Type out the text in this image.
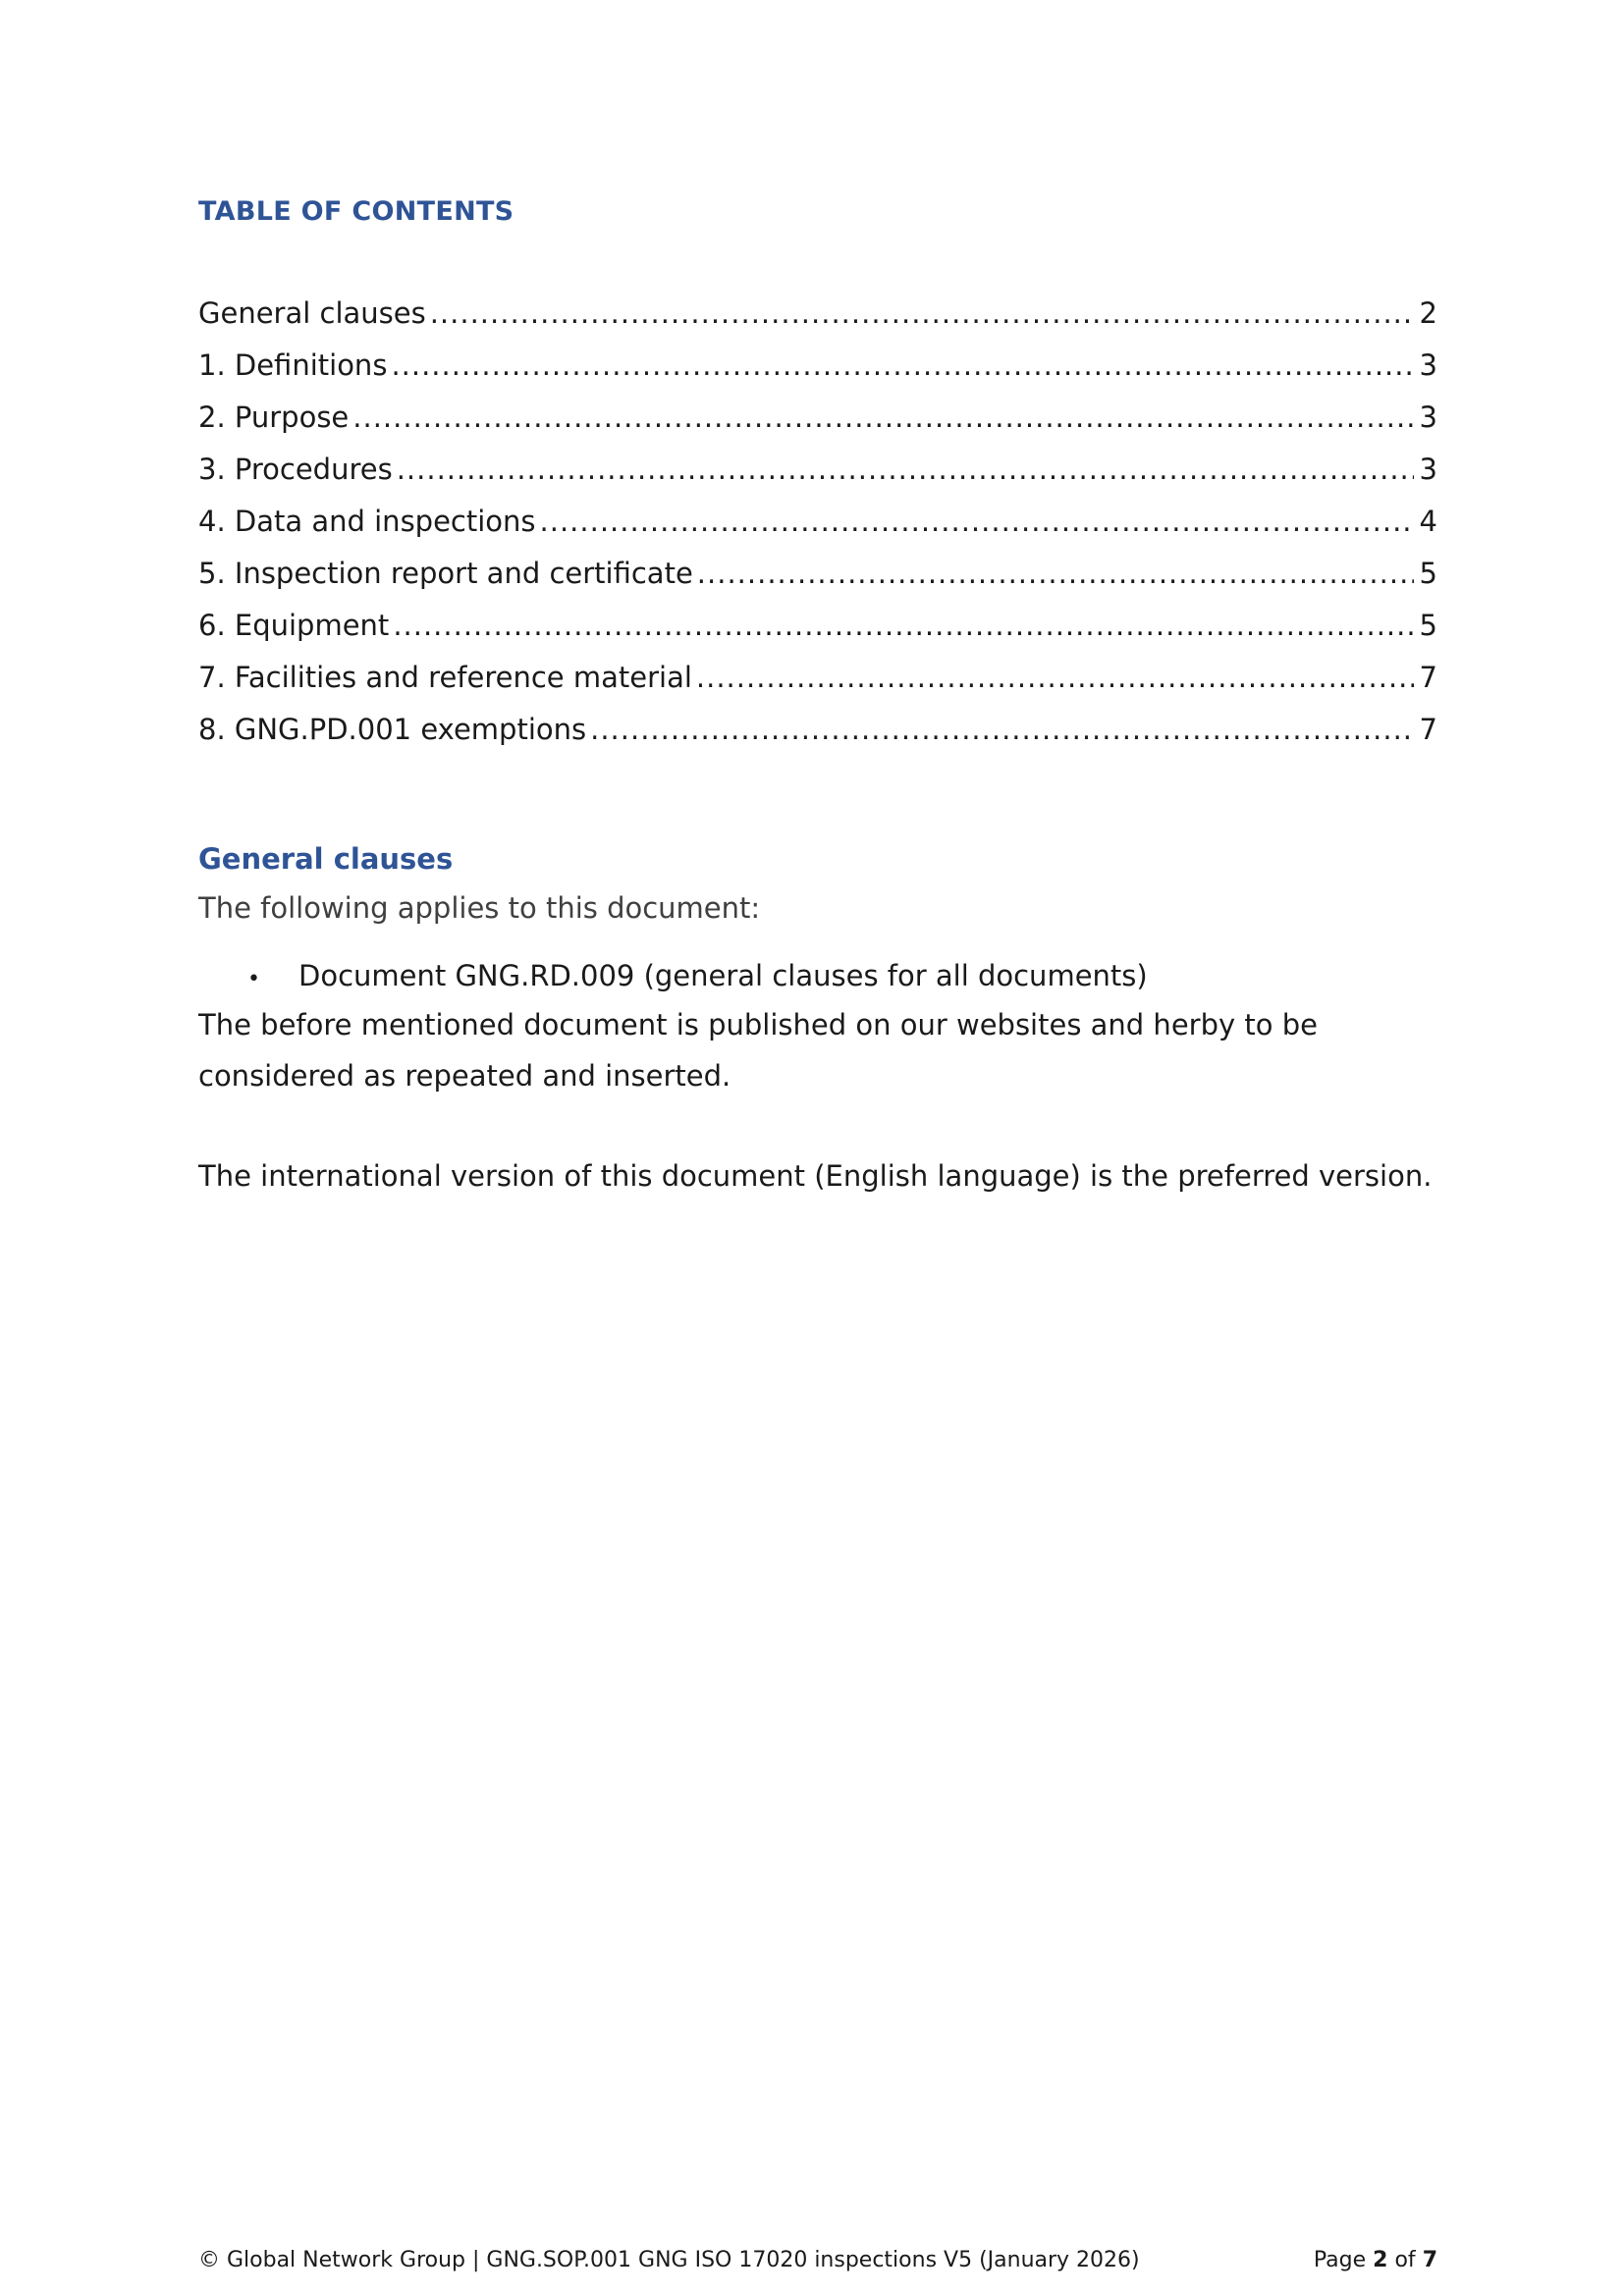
TABLE OF CONTENTS
General clauses .....	2
1. Definitions .....	3
2. Purpose .....	3
3. Procedures .....	3
4. Data and inspections .....	4
5. Inspection report and certificate .....	5
6. Equipment .....	5
7. Facilities and reference material .....	7
8. GNG.PD.001 exemptions .....	7
General clauses
The following applies to this document:
•	Document GNG.RD.009 (general clauses for all documents)
The before mentioned document is published on our websites and herby to be considered as repeated and inserted.
The international version of this document (English language) is the preferred version.
© Global Network Group | GNG.SOP.001 GNG ISO 17020 inspections V5 (January 2026)	Page 2 of 7
